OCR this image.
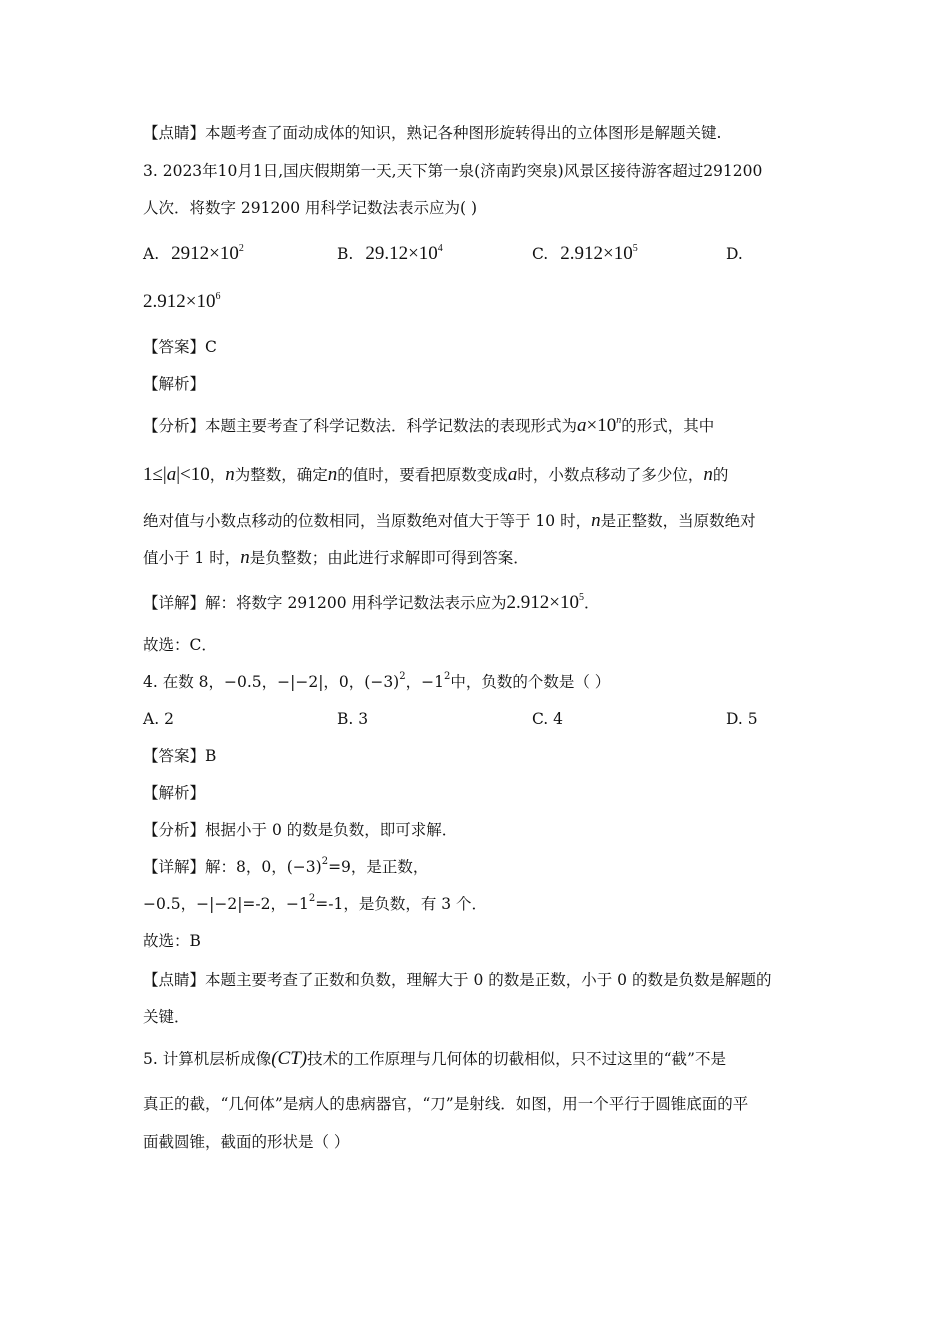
【点睛】本题考查了面动成体的知识，熟记各种图形旋转得出的立体图形是解题关键.
3. 2023年10月1日,国庆假期第一天,天下第一泉(济南趵突泉)风景区接待游客超过291200
人次．将数字 291200 用科学记数法表示应为( )
A. $2912\times 10^2$	B. $29.12\times 10^4$	C. $2.912\times 10^5$	D.
$2.912\times 10^6$
【答案】C
【解析】
【分析】本题主要考查了科学记数法．科学记数法的表现形式为$a\times 10^n$的形式，其中
1≤|a|<10，n为整数，确定n的值时，要看把原数变成a时，小数点移动了多少位，n的
绝对值与小数点移动的位数相同，当原数绝对值大于等于 10 时，n是正整数，当原数绝对
值小于 1 时，n是负整数；由此进行求解即可得到答案．
【详解】解：将数字 291200 用科学记数法表示应为$2.912\times 10^5$．
故选：C．
4. 在数 8，−0.5，−|−2|，0，$(-3)^2$，$-1^2$中，负数的个数是（ ）
A. 2	B. 3	C. 4	D. 5
【答案】B
【解析】
【分析】根据小于 0 的数是负数，即可求解．
【详解】解：8，0，$(-3)^2=9$，是正数，
−0.5，−|−2|=-2，$-1^2=-1$，是负数，有 3 个．
故选：B
【点睛】本题主要考查了正数和负数，理解大于 0 的数是正数，小于 0 的数是负数是解题的
关键．
5. 计算机层析成像(CT)技术的工作原理与几何体的切截相似，只不过这里的“截”不是
真正的截，“几何体”是病人的患病器官，“刀”是射线．如图，用一个平行于圆锥底面的平
面截圆锥，截面的形状是（ ）
